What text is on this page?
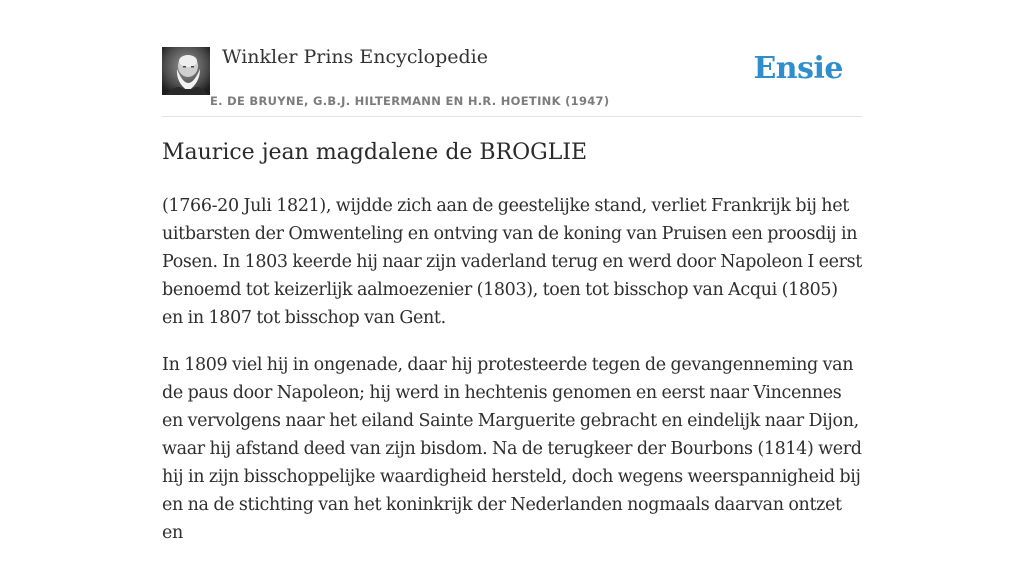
Winkler Prins Encyclopedie
E. DE BRUYNE, G.B.J. HILTERMANN EN H.R. HOETINK (1947)
Ensie
Maurice jean magdalene de BROGLIE

(1766-20 Juli 1821), wijdde zich aan de geestelijke stand, verliet Frankrijk bij het uitbarsten der Omwenteling en ontving van de koning van Pruisen een proosdij in Posen. In 1803 keerde hij naar zijn vaderland terug en werd door Napoleon I eerst benoemd tot keizerlijk aalmoezenier (1803), toen tot bisschop van Acqui (1805) en in 1807 tot bisschop van Gent.

In 1809 viel hij in ongenade, daar hij protesteerde tegen de gevangenneming van de paus door Napoleon; hij werd in hechtenis genomen en eerst naar Vincennes en vervolgens naar het eiland Sainte Marguerite gebracht en eindelijk naar Dijon, waar hij afstand deed van zijn bisdom. Na de terugkeer der Bourbons (1814) werd hij in zijn bisschoppelijke waardigheid hersteld, doch wegens weerspannigheid bij en na de stichting van het koninkrijk der Nederlanden nogmaals daarvan ontzet en
